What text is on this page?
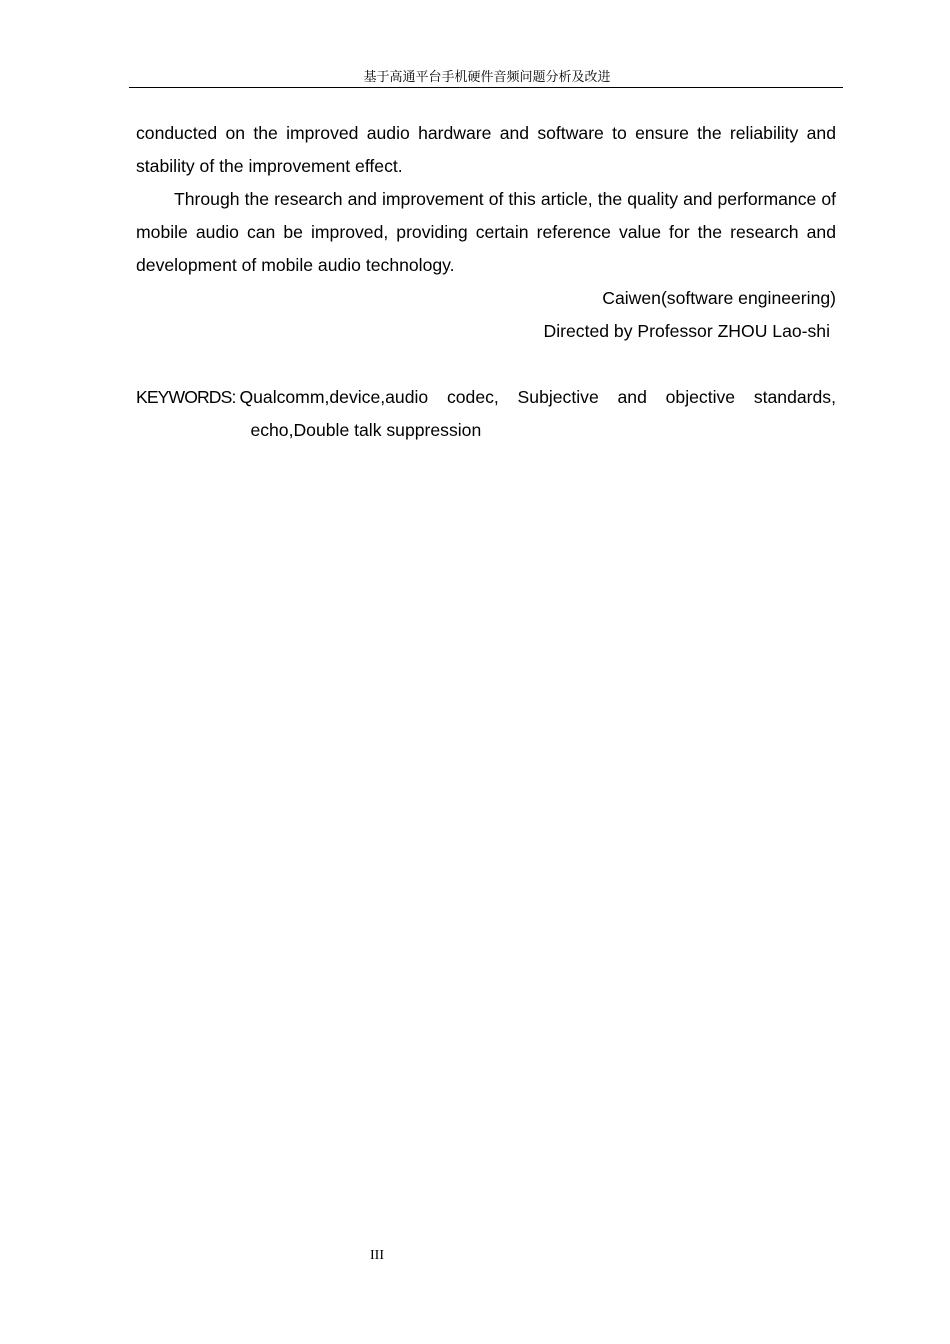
基于高通平台手机硬件音频问题分析及改进

conducted on the improved audio hardware and software to ensure the reliability and stability of the improvement effect.

Through the research and improvement of this article, the quality and performance of mobile audio can be improved, providing certain reference value for the research and development of mobile audio technology.

Caiwen(software engineering)

Directed by Professor ZHOU Lao-shi

KEYWORDS: Qualcomm,device,audio codec, Subjective and objective standards,
echo,Double talk suppression
III
